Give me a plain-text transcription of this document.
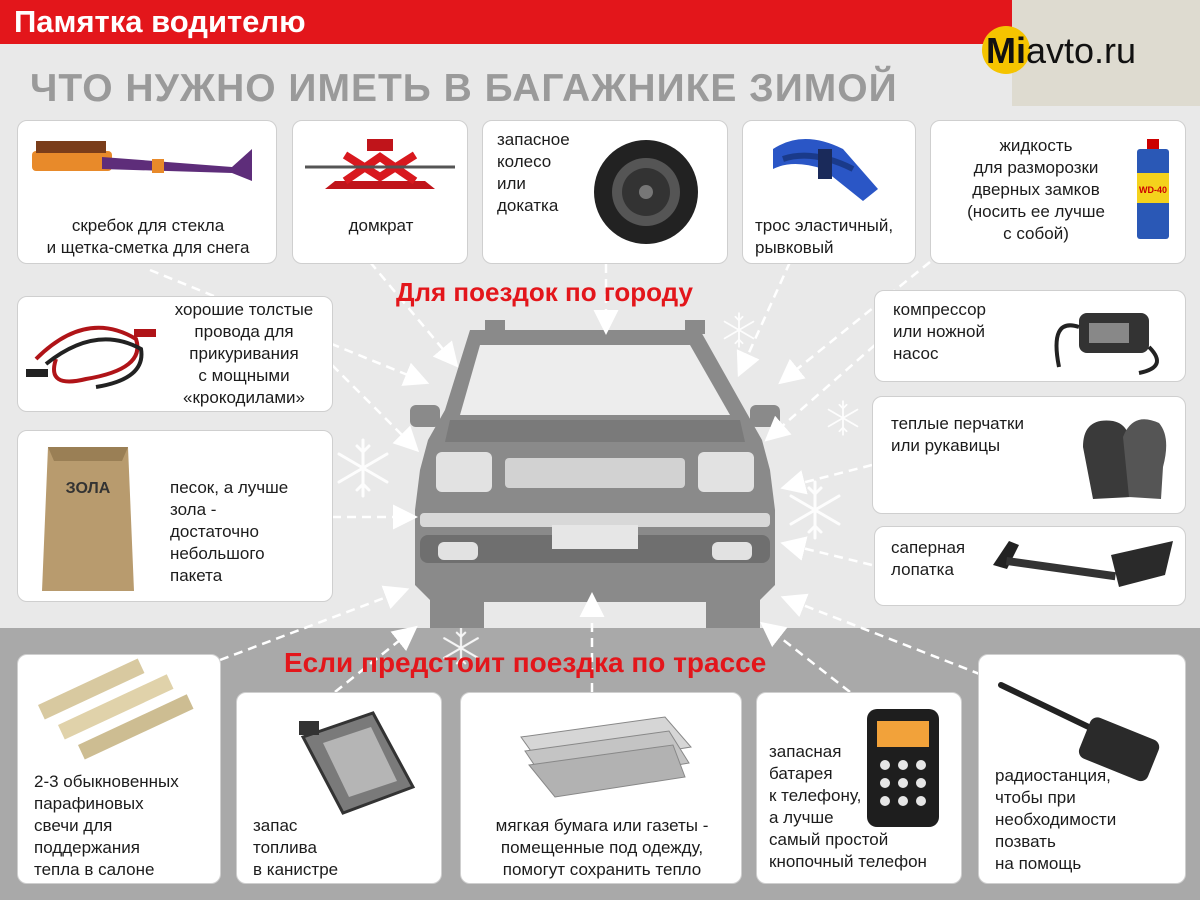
Памятка водителю
Miavto.ru
ЧТО НУЖНО ИМЕТЬ В БАГАЖНИКЕ ЗИМОЙ
Для поездок по городу
Если предстоит поездка по трассе
скребок для стекла
и щетка-сметка для снега
домкрат
запасное
колесо
или
докатка
трос эластичный,
рывковый
жидкость
для разморозки
дверных замков
(носить ее лучше
с собой)
WD-40
хорошие толстые
провода для
прикуривания
с мощными
«крокодилами»
ЗОЛА	песок, а лучше
зола -
достаточно
небольшого
пакета
компрессор
или ножной
насос
теплые перчатки
или рукавицы
саперная
лопатка
2-3 обыкновенных
парафиновых
свечи для
поддержания
тепла в салоне
запас
топлива
в канистре
мягкая бумага или газеты -
помещенные под одежду,
помогут сохранить тепло
запасная
батарея
к телефону,
а лучше
самый простой
кнопочный телефон
радиостанция,
чтобы при
необходимости
позвать
на помощь
